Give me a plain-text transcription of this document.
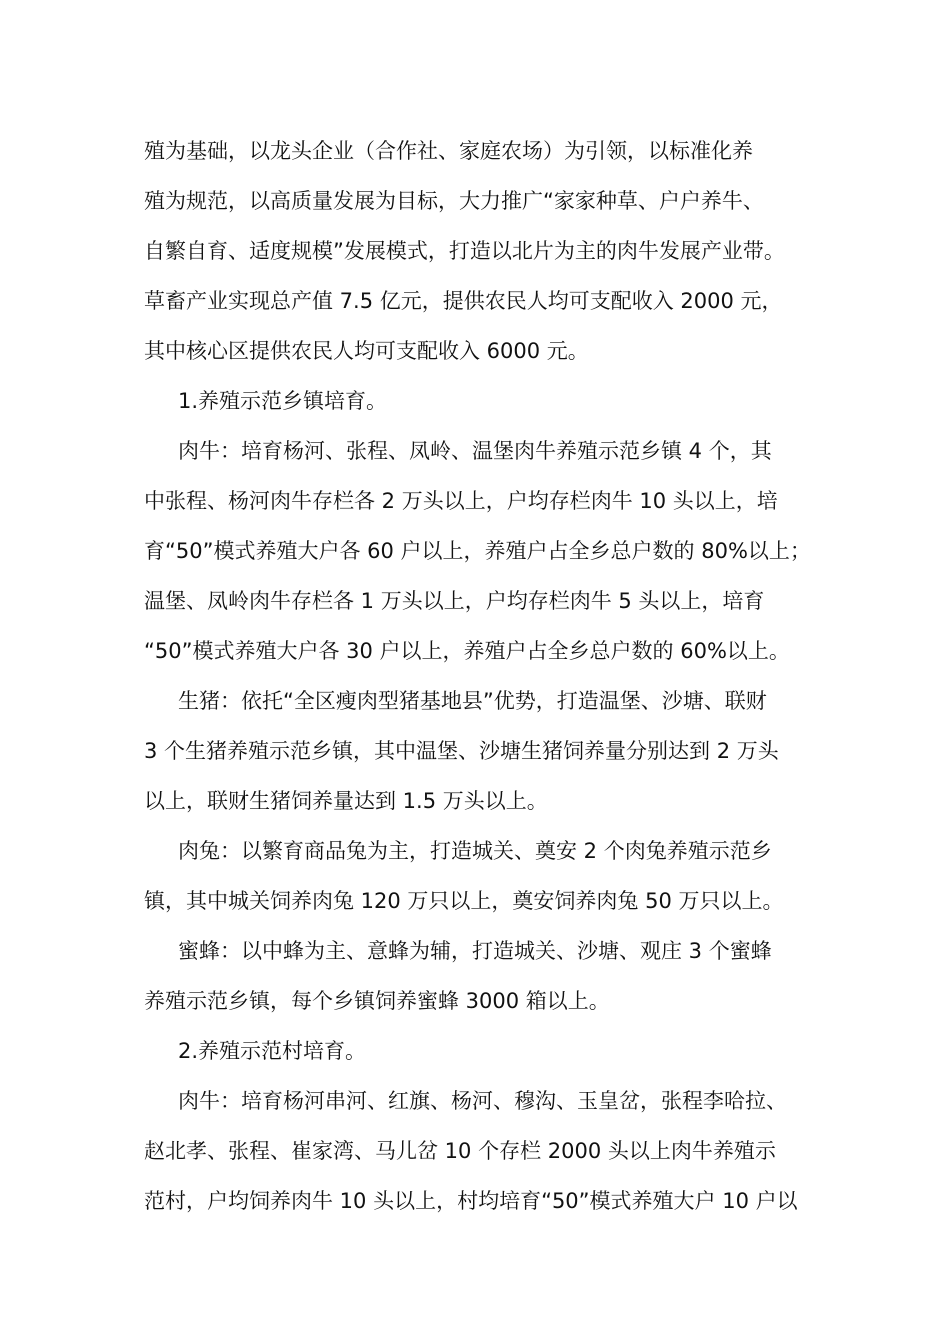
殖为基础，以龙头企业（合作社、家庭农场）为引领，以标准化养
殖为规范，以高质量发展为目标，大力推广“家家种草、户户养牛、
自繁自育、适度规模”发展模式，打造以北片为主的肉牛发展产业带。
草畜产业实现总产值 7.5 亿元，提供农民人均可支配收入 2000 元，
其中核心区提供农民人均可支配收入 6000 元。
1.养殖示范乡镇培育。
肉牛：培育杨河、张程、凤岭、温堡肉牛养殖示范乡镇 4 个，其
中张程、杨河肉牛存栏各 2 万头以上，户均存栏肉牛 10 头以上，培
育“50”模式养殖大户各 60 户以上，养殖户占全乡总户数的 80%以上；
温堡、凤岭肉牛存栏各 1 万头以上，户均存栏肉牛 5 头以上，培育
“50”模式养殖大户各 30 户以上，养殖户占全乡总户数的 60%以上。
生猪：依托“全区瘦肉型猪基地县”优势，打造温堡、沙塘、联财
3 个生猪养殖示范乡镇，其中温堡、沙塘生猪饲养量分别达到 2 万头
以上，联财生猪饲养量达到 1.5 万头以上。
肉兔：以繁育商品兔为主，打造城关、奠安 2 个肉兔养殖示范乡
镇，其中城关饲养肉兔 120 万只以上，奠安饲养肉兔 50 万只以上。
蜜蜂：以中蜂为主、意蜂为辅，打造城关、沙塘、观庄 3 个蜜蜂
养殖示范乡镇，每个乡镇饲养蜜蜂 3000 箱以上。
2.养殖示范村培育。
肉牛：培育杨河串河、红旗、杨河、穆沟、玉皇岔，张程李哈拉、
赵北孝、张程、崔家湾、马儿岔 10 个存栏 2000 头以上肉牛养殖示
范村，户均饲养肉牛 10 头以上，村均培育“50”模式养殖大户 10 户以
